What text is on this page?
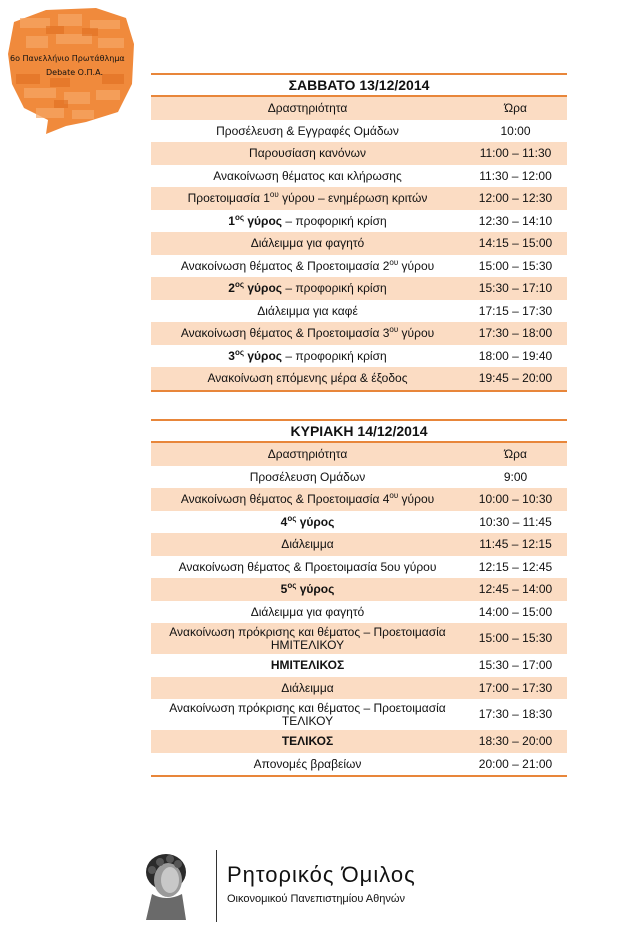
6ο Πανελλήνιο Πρωτάθλημα
Debate Ο.Π.Α.
ΣΑΒΒΑΤΟ 13/12/2014
Δραστηριότητα	Ώρα
Προσέλευση & Εγγραφές Ομάδων	10:00
Παρουσίαση κανόνων	11:00 – 11:30
Ανακοίνωση θέματος και κλήρωσης	11:30 – 12:00
Προετοιμασία $1^{o\upsilon}$ γύρου – ενημέρωση κριτών	12:00 – 12:30
$1^{o\varsigma}$ γύρος – προφορική κρίση	12:30 – 14:10
Διάλειμμα για φαγητό	14:15 – 15:00
Ανακοίνωση θέματος & Προετοιμασία $2^{o\upsilon}$ γύρου	15:00 – 15:30
$2^{o\varsigma}$ γύρος – προφορική κρίση	15:30 – 17:10
Διάλειμμα για καφέ	17:15 – 17:30
Ανακοίνωση θέματος & Προετοιμασία $3^{o\upsilon}$ γύρου	17:30 – 18:00
$3^{o\varsigma}$ γύρος – προφορική κρίση	18:00 – 19:40
Ανακοίνωση επόμενης μέρα & έξοδος	19:45 – 20:00
ΚΥΡΙΑΚΗ 14/12/2014
Δραστηριότητα	Ώρα
Προσέλευση Ομάδων	9:00
Ανακοίνωση θέματος & Προετοιμασία $4^{o\upsilon}$ γύρου	10:00 – 10:30
$4^{o\varsigma}$ γύρος	10:30 – 11:45
Διάλειμμα	11:45 – 12:15
Ανακοίνωση θέματος & Προετοιμασία 5ου γύρου	12:15 – 12:45
$5^{o\varsigma}$ γύρος	12:45 – 14:00
Διάλειμμα για φαγητό	14:00 – 15:00
Ανακοίνωση πρόκρισης και θέματος – Προετοιμασία ΗΜΙΤΕΛΙΚΟΥ	15:00 – 15:30
ΗΜΙΤΕΛΙΚΟΣ	15:30 – 17:00
Διάλειμμα	17:00 – 17:30
Ανακοίνωση πρόκρισης και θέματος – Προετοιμασία ΤΕΛΙΚΟΥ	17:30 – 18:30
ΤΕΛΙΚΟΣ	18:30 – 20:00
Απονομές βραβείων	20:00 – 21:00
Ρητορικός Όμιλος
Οικονομικού Πανεπιστημίου Αθηνών
